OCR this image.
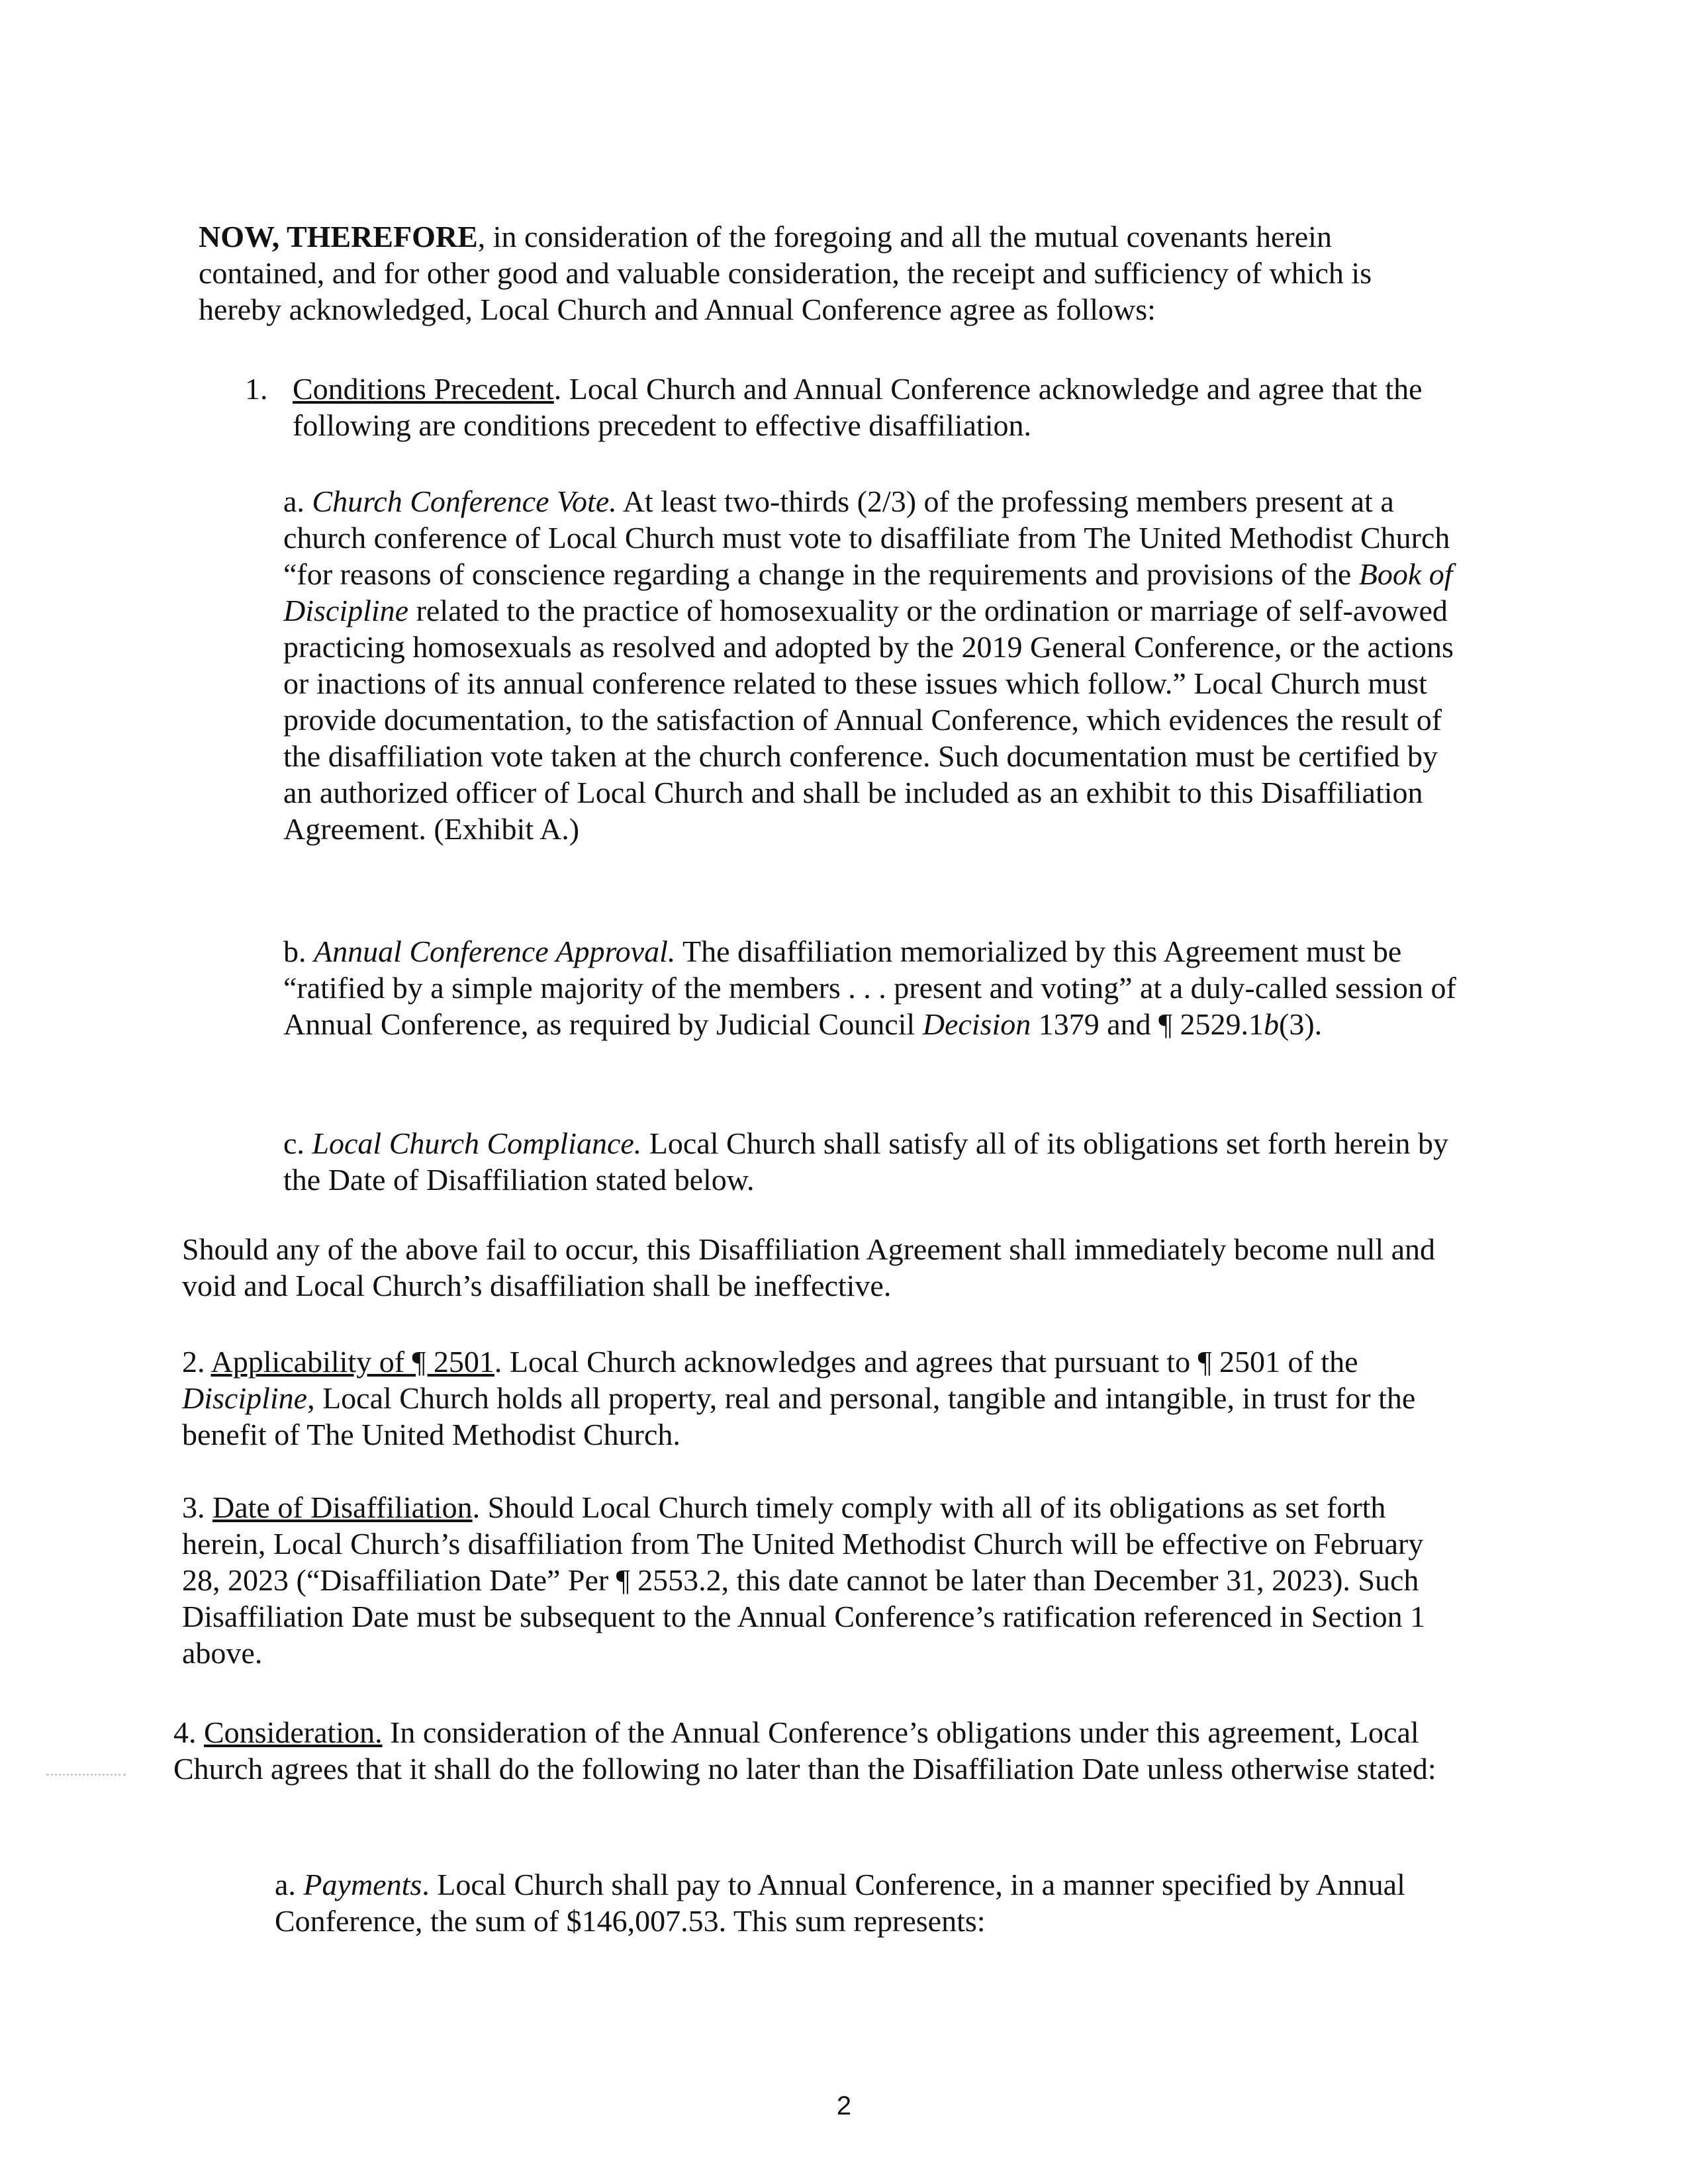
NOW, THEREFORE, in consideration of the foregoing and all the mutual covenants herein contained, and for other good and valuable consideration, the receipt and sufficiency of which is hereby acknowledged, Local Church and Annual Conference agree as follows:

1. Conditions Precedent. Local Church and Annual Conference acknowledge and agree that the following are conditions precedent to effective disaffiliation.

a. Church Conference Vote. At least two-thirds (2/3) of the professing members present at a church conference of Local Church must vote to disaffiliate from The United Methodist Church “for reasons of conscience regarding a change in the requirements and provisions of the Book of Discipline related to the practice of homosexuality or the ordination or marriage of self-avowed practicing homosexuals as resolved and adopted by the 2019 General Conference, or the actions or inactions of its annual conference related to these issues which follow.” Local Church must provide documentation, to the satisfaction of Annual Conference, which evidences the result of the disaffiliation vote taken at the church conference. Such documentation must be certified by an authorized officer of Local Church and shall be included as an exhibit to this Disaffiliation Agreement. (Exhibit A.)

b. Annual Conference Approval. The disaffiliation memorialized by this Agreement must be “ratified by a simple majority of the members . . . present and voting” at a duly-called session of Annual Conference, as required by Judicial Council Decision 1379 and ¶ 2529.1b(3).

c. Local Church Compliance. Local Church shall satisfy all of its obligations set forth herein by the Date of Disaffiliation stated below.

Should any of the above fail to occur, this Disaffiliation Agreement shall immediately become null and void and Local Church’s disaffiliation shall be ineffective.

2. Applicability of ¶ 2501. Local Church acknowledges and agrees that pursuant to ¶ 2501 of the Discipline, Local Church holds all property, real and personal, tangible and intangible, in trust for the benefit of The United Methodist Church.

3. Date of Disaffiliation. Should Local Church timely comply with all of its obligations as set forth herein, Local Church’s disaffiliation from The United Methodist Church will be effective on February 28, 2023 (“Disaffiliation Date” Per ¶ 2553.2, this date cannot be later than December 31, 2023). Such Disaffiliation Date must be subsequent to the Annual Conference’s ratification referenced in Section 1 above.

4. Consideration. In consideration of the Annual Conference’s obligations under this agreement, Local Church agrees that it shall do the following no later than the Disaffiliation Date unless otherwise stated:

a. Payments. Local Church shall pay to Annual Conference, in a manner specified by Annual Conference, the sum of $146,007.53. This sum represents:

2
